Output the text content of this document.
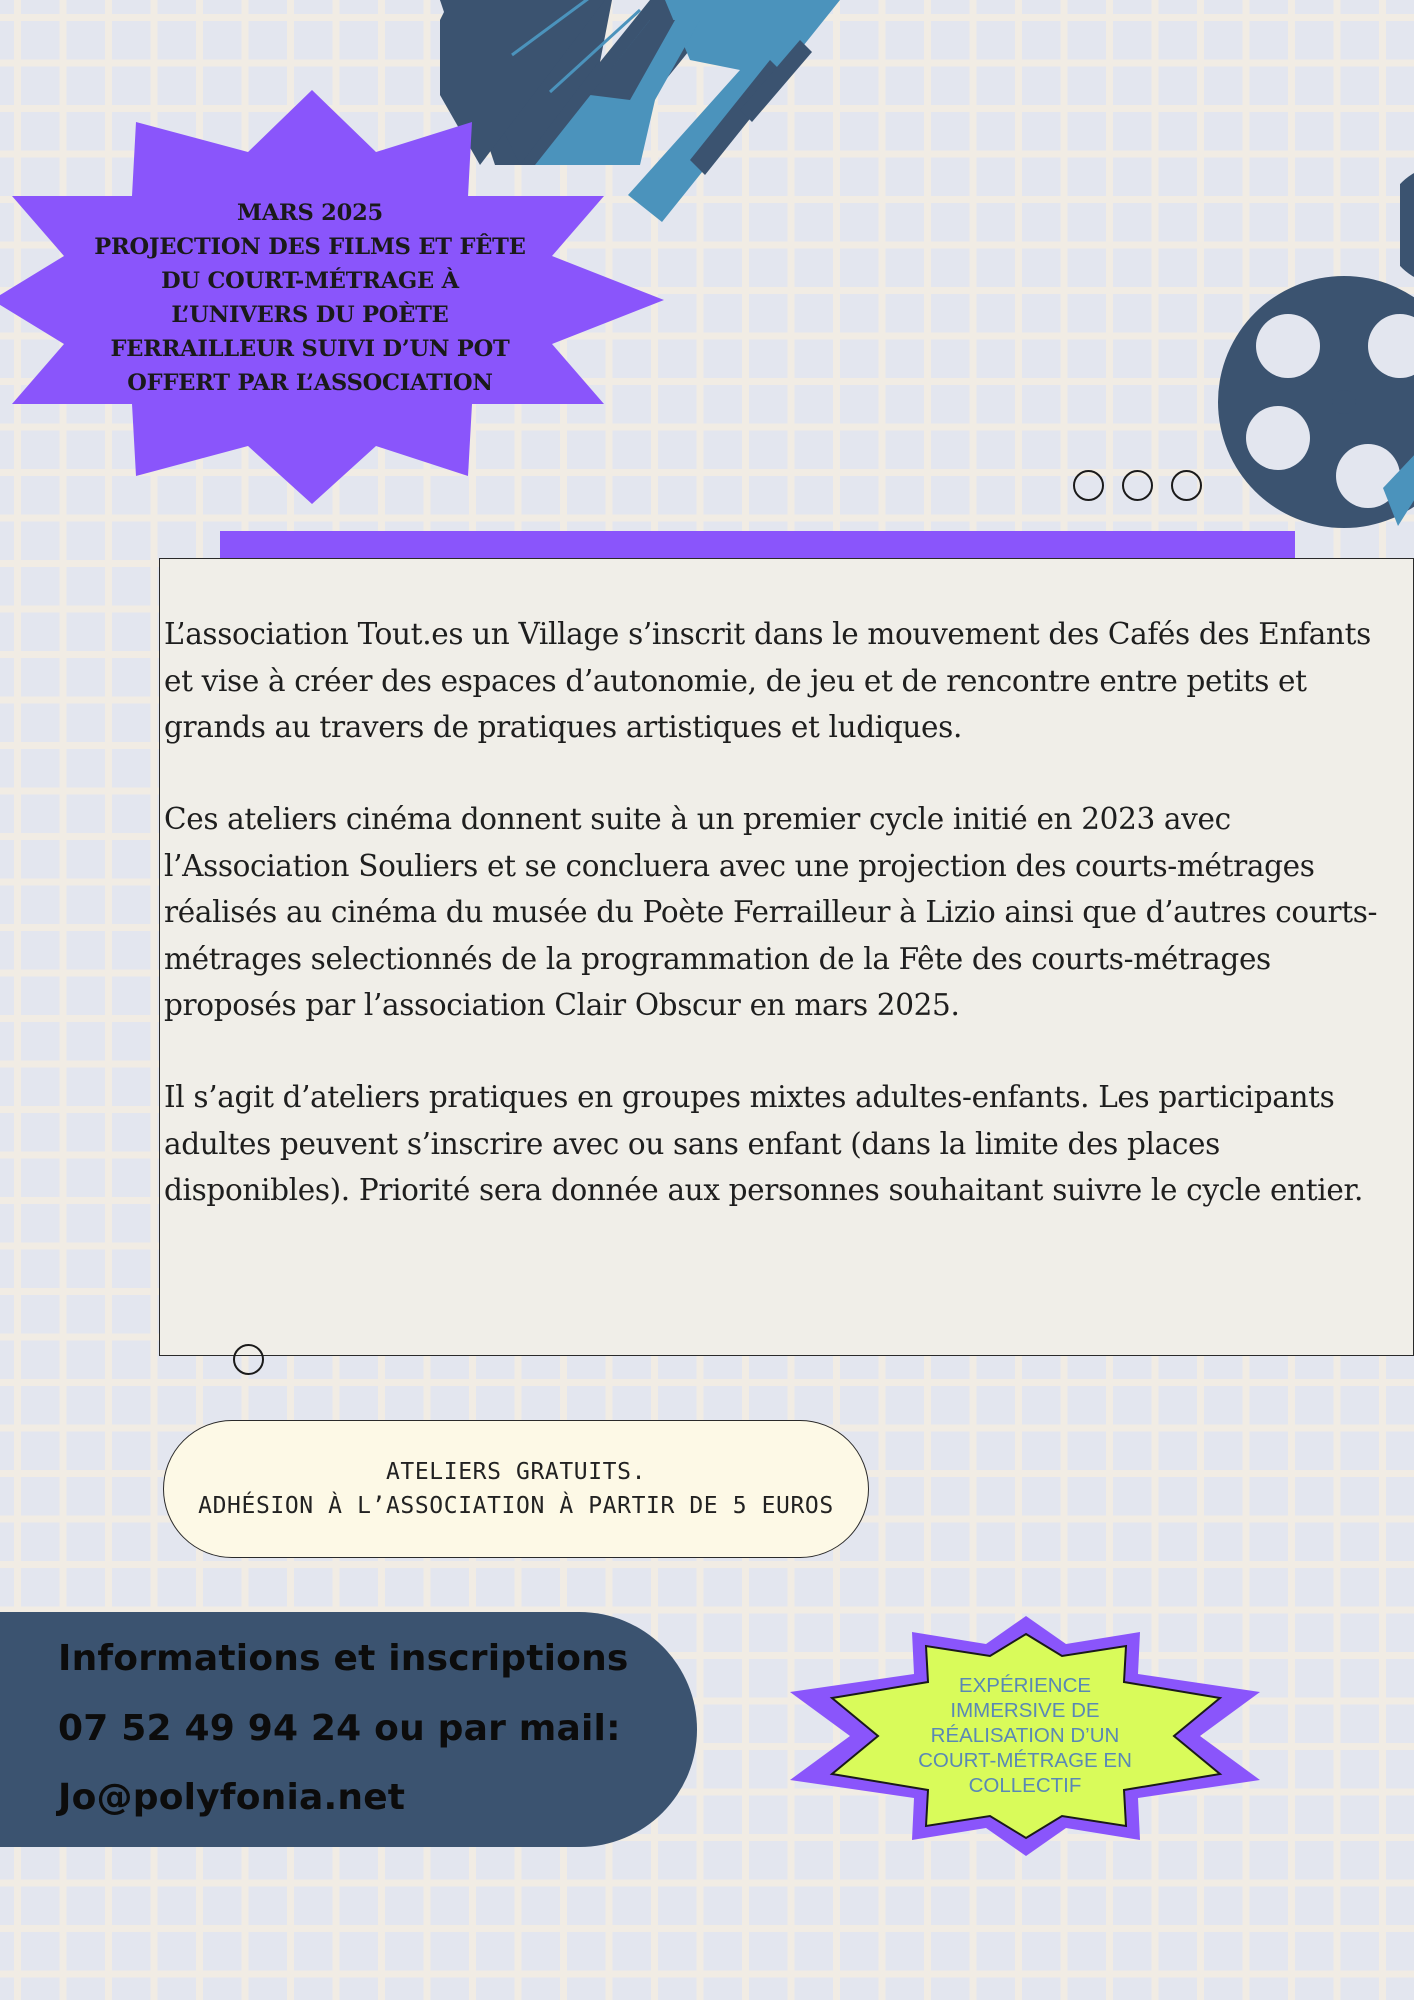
MARS 2025
PROJECTION DES FILMS ET FÊTE
DU COURT-MÉTRAGE À
L’UNIVERS DU POÈTE
FERRAILLEUR SUIVI D’UN POT
OFFERT PAR L’ASSOCIATION

L’association Tout.es un Village s’inscrit dans le mouvement des Cafés des Enfants et vise à créer des espaces d’autonomie, de jeu et de rencontre entre petits et grands au travers de pratiques artistiques et ludiques.

Ces ateliers cinéma donnent suite à un premier cycle initié en 2023 avec l’Association Souliers et se concluera avec une projection des courts-métrages réalisés au cinéma du musée du Poète Ferrailleur à Lizio ainsi que d’autres courts-métrages selectionnés de la programmation de la Fête des courts-métrages proposés par l’association Clair Obscur en mars 2025.

Il s’agit d’ateliers pratiques en groupes mixtes adultes-enfants. Les participants adultes peuvent s’inscrire avec ou sans enfant (dans la limite des places disponibles). Priorité sera donnée aux personnes souhaitant suivre le cycle entier.

ATELIERS GRATUITS.
ADHÉSION À L’ASSOCIATION À PARTIR DE 5 EUROS
Informations et inscriptions
07 52 49 94 24 ou par mail:
Jo@polyfonia.net
EXPÉRIENCE
IMMERSIVE DE
RÉALISATION D’UN
COURT-MÉTRAGE EN
COLLECTIF
